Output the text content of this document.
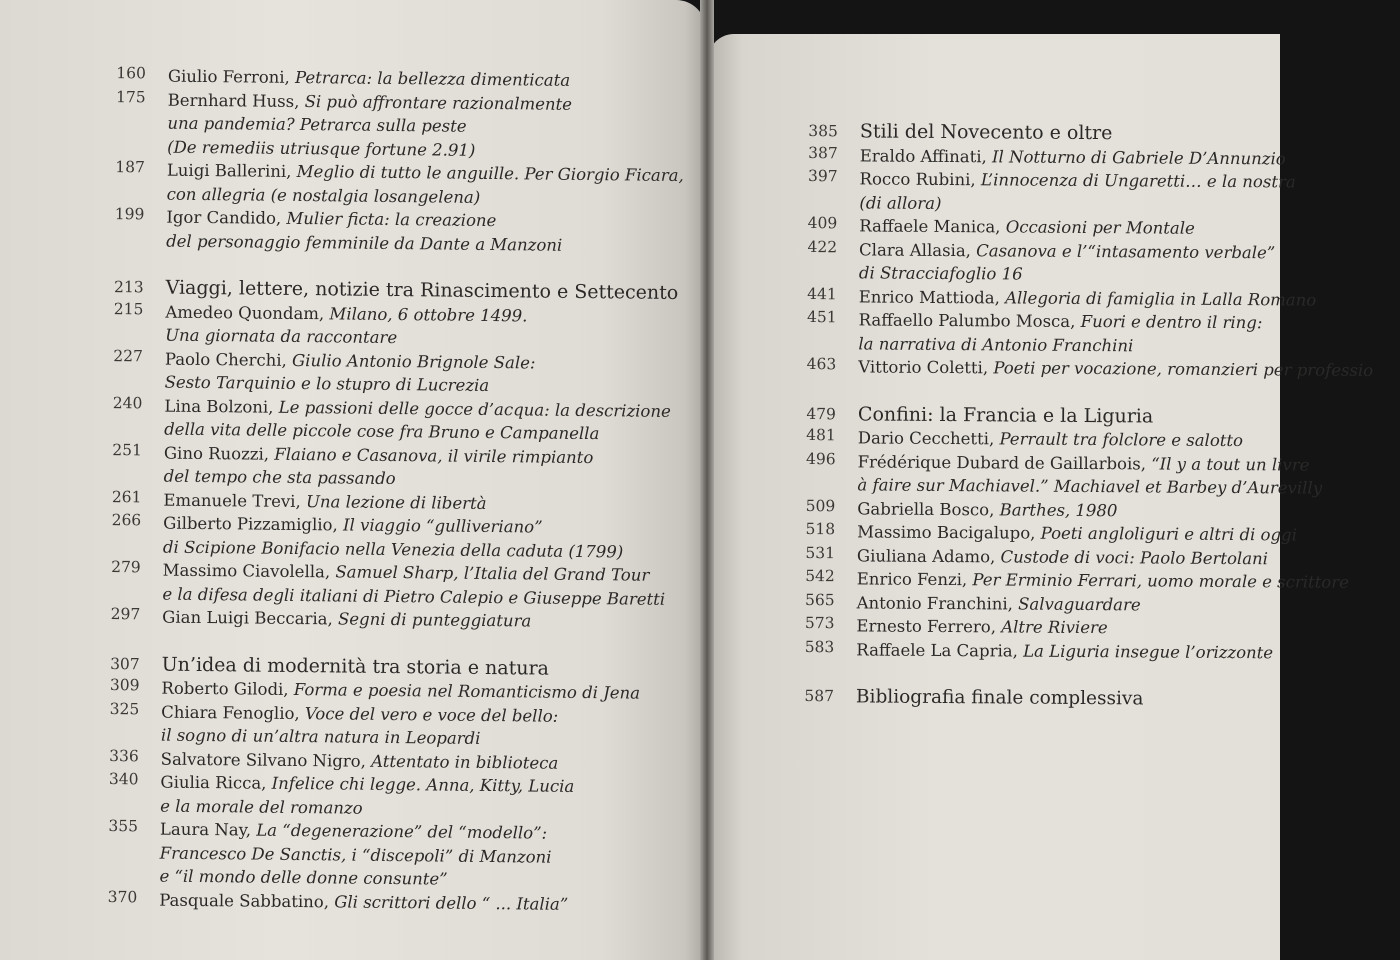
160 Giulio Ferroni, Petrarca: la bellezza dimenticata
175 Bernhard Huss, Si può affrontare razionalmente
una pandemia? Petrarca sulla peste
(De remediis utriusque fortune 2.91)
187 Luigi Ballerini, Meglio di tutto le anguille. Per Giorgio Ficara,
con allegria (e nostalgia losangelena)
199 Igor Candido, Mulier ficta: la creazione
del personaggio femminile da Dante a Manzoni
213 Viaggi, lettere, notizie tra Rinascimento e Settecento
215 Amedeo Quondam, Milano, 6 ottobre 1499.
Una giornata da raccontare
227 Paolo Cherchi, Giulio Antonio Brignole Sale:
Sesto Tarquinio e lo stupro di Lucrezia
240 Lina Bolzoni, Le passioni delle gocce d’acqua: la descrizione
della vita delle piccole cose fra Bruno e Campanella
251 Gino Ruozzi, Flaiano e Casanova, il virile rimpianto
del tempo che sta passando
261 Emanuele Trevi, Una lezione di libertà
266 Gilberto Pizzamiglio, Il viaggio “gulliveriano”
di Scipione Bonifacio nella Venezia della caduta (1799)
279 Massimo Ciavolella, Samuel Sharp, l’Italia del Grand Tour
e la difesa degli italiani di Pietro Calepio e Giuseppe Baretti
297 Gian Luigi Beccaria, Segni di punteggiatura
307 Un’idea di modernità tra storia e natura
309 Roberto Gilodi, Forma e poesia nel Romanticismo di Jena
325 Chiara Fenoglio, Voce del vero e voce del bello:
il sogno di un’altra natura in Leopardi
336 Salvatore Silvano Nigro, Attentato in biblioteca
340 Giulia Ricca, Infelice chi legge. Anna, Kitty, Lucia
e la morale del romanzo
355 Laura Nay, La “degenerazione” del “modello”:
Francesco De Sanctis, i “discepoli” di Manzoni
e “il mondo delle donne consunte”
370 Pasquale Sabbatino, Gli scrittori dello “ ... Italia”
385 Stili del Novecento e oltre
387 Eraldo Affinati, Il Notturno di Gabriele D’Annunzio
397 Rocco Rubini, L’innocenza di Ungaretti… e la nostra
(di allora)
409 Raffaele Manica, Occasioni per Montale
422 Clara Allasia, Casanova e l’“intasamento verbale”
di Stracciafoglio 16
441 Enrico Mattioda, Allegoria di famiglia in Lalla Romano
451 Raffaello Palumbo Mosca, Fuori e dentro il ring:
la narrativa di Antonio Franchini
463 Vittorio Coletti, Poeti per vocazione, romanzieri per professio
479 Confini: la Francia e la Liguria
481 Dario Cecchetti, Perrault tra folclore e salotto
496 Frédérique Dubard de Gaillarbois, “Il y a tout un livre
à faire sur Machiavel.” Machiavel et Barbey d’Aurevilly
509 Gabriella Bosco, Barthes, 1980
518 Massimo Bacigalupo, Poeti angloliguri e altri di oggi
531 Giuliana Adamo, Custode di voci: Paolo Bertolani
542 Enrico Fenzi, Per Erminio Ferrari, uomo morale e scrittore
565 Antonio Franchini, Salvaguardare
573 Ernesto Ferrero, Altre Riviere
583 Raffaele La Capria, La Liguria insegue l’orizzonte
587 Bibliografia finale complessiva
